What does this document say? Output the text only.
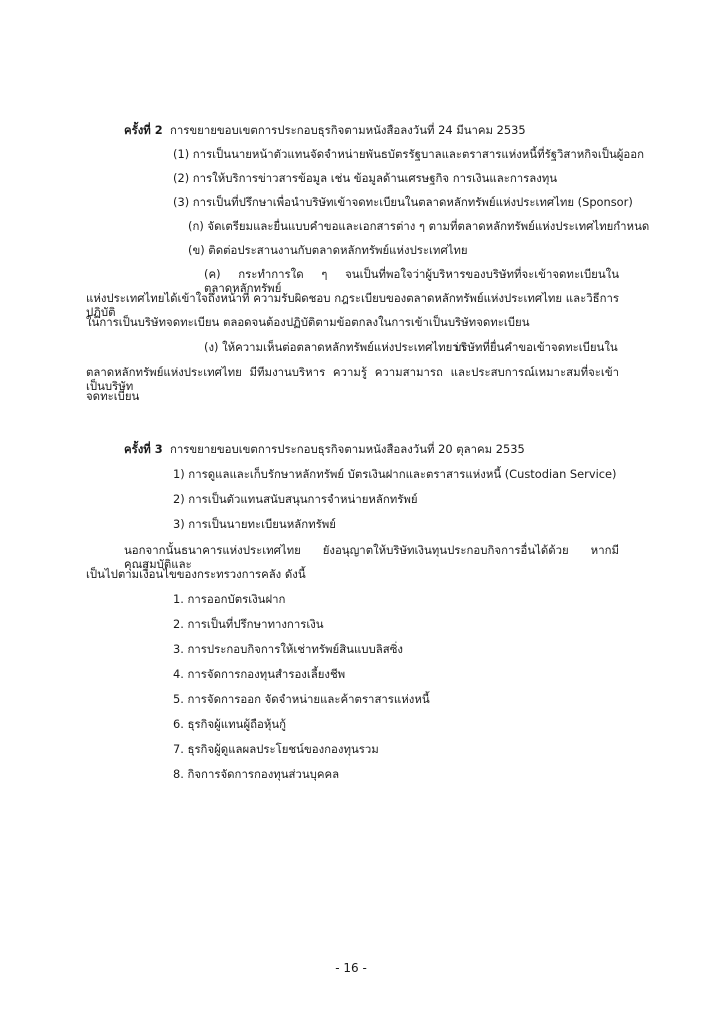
ครั้งที่ 2 การขยายขอบเขตการประกอบธุรกิจตามหนังสือลงวันที่ 24 มีนาคม 2535
(1) การเป็นนายหน้าตัวแทนจัดจำหน่ายพันธบัตรรัฐบาลและตราสารแห่งหนี้ที่รัฐวิสาหกิจเป็นผู้ออก
(2) การให้บริการข่าวสารข้อมูล เช่น ข้อมูลด้านเศรษฐกิจ การเงินและการลงทุน
(3) การเป็นที่ปรึกษาเพื่อนำบริษัทเข้าจดทะเบียนในตลาดหลักทรัพย์แห่งประเทศไทย (Sponsor)
(ก) จัดเตรียมและยื่นแบบคำขอและเอกสารต่าง ๆ ตามที่ตลาดหลักทรัพย์แห่งประเทศไทยกำหนด
(ข) ติดต่อประสานงานกับตลาดหลักทรัพย์แห่งประเทศไทย
(ค) กระทำการใด ๆ จนเป็นที่พอใจว่าผู้บริหารของบริษัทที่จะเข้าจดทะเบียนในตลาดหลักทรัพย์
แห่งประเทศไทยได้เข้าใจถึงหน้าที่ ความรับผิดชอบ กฎระเบียบของตลาดหลักทรัพย์แห่งประเทศไทย และวิธีการปฏิบัติ
ในการเป็นบริษัทจดทะเบียน ตลอดจนต้องปฏิบัติตามข้อตกลงในการเข้าเป็นบริษัทจดทะเบียน
(ง) ให้ความเห็นต่อตลาดหลักทรัพย์แห่งประเทศไทยว่า
บริษัทที่ยื่นคำขอเข้าจดทะเบียนใน
ตลาดหลักทรัพย์แห่งประเทศไทย มีทีมงานบริหาร ความรู้ ความสามารถ และประสบการณ์เหมาะสมที่จะเข้าเป็นบริษัท
จดทะเบียน
ครั้งที่ 3 การขยายขอบเขตการประกอบธุรกิจตามหนังสือลงวันที่ 20 ตุลาคม 2535
1) การดูแลและเก็บรักษาหลักทรัพย์ บัตรเงินฝากและตราสารแห่งหนี้ (Custodian Service)
2) การเป็นตัวแทนสนับสนุนการจำหน่ายหลักทรัพย์
3) การเป็นนายทะเบียนหลักทรัพย์
นอกจากนั้นธนาคารแห่งประเทศไทย ยังอนุญาตให้บริษัทเงินทุนประกอบกิจการอื่นได้ด้วย หากมีคุณสมบัติและ
เป็นไปตามเงื่อนไขของกระทรวงการคลัง ดังนี้
1. การออกบัตรเงินฝาก
2. การเป็นที่ปรึกษาทางการเงิน
3. การประกอบกิจการให้เช่าทรัพย์สินแบบลิสซิ่ง
4. การจัดการกองทุนสำรองเลี้ยงชีพ
5. การจัดการออก จัดจำหน่ายและค้าตราสารแห่งหนี้
6. ธุรกิจผู้แทนผู้ถือหุ้นกู้
7. ธุรกิจผู้ดูแลผลประโยชน์ของกองทุนรวม
8. กิจการจัดการกองทุนส่วนบุคคล
- 16 -
